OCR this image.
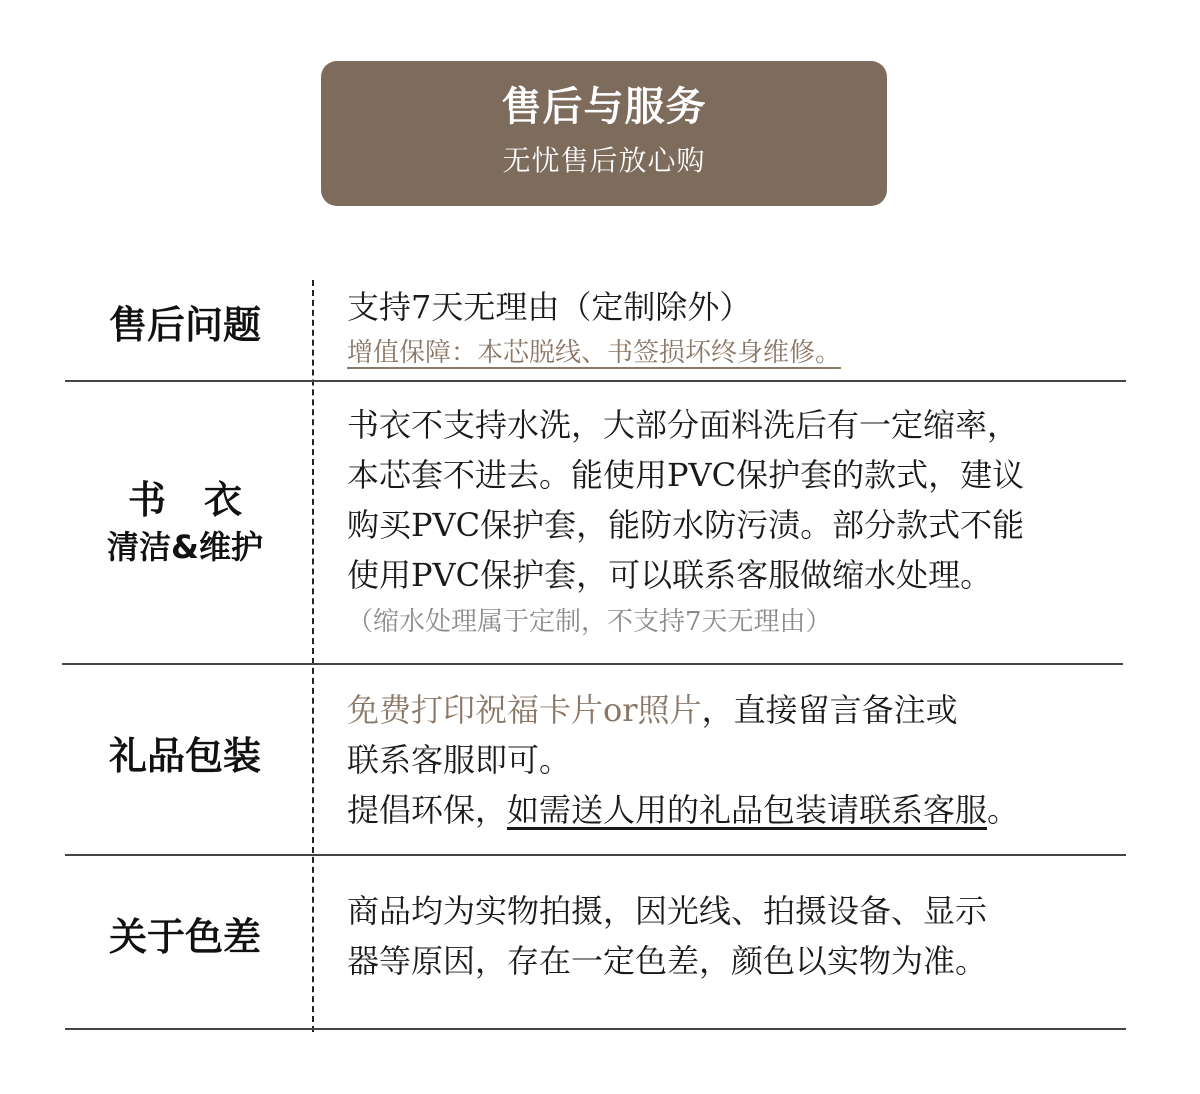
售后与服务
无忧售后放心购
售后问题	支持7天无理由（定制除外）
增值保障：本芯脱线、书签损坏终身维修。
书　衣
清洁&维护
书衣不支持水洗，大部分面料洗后有一定缩率，
本芯套不进去。能使用PVC保护套的款式，建议
购买PVC保护套，能防水防污渍。部分款式不能
使用PVC保护套，可以联系客服做缩水处理。
（缩水处理属于定制，不支持7天无理由）
礼品包装
免费打印祝福卡片or照片，直接留言备注或
联系客服即可。
提倡环保，如需送人用的礼品包装请联系客服。
关于色差
商品均为实物拍摄，因光线、拍摄设备、显示
器等原因，存在一定色差，颜色以实物为准。
